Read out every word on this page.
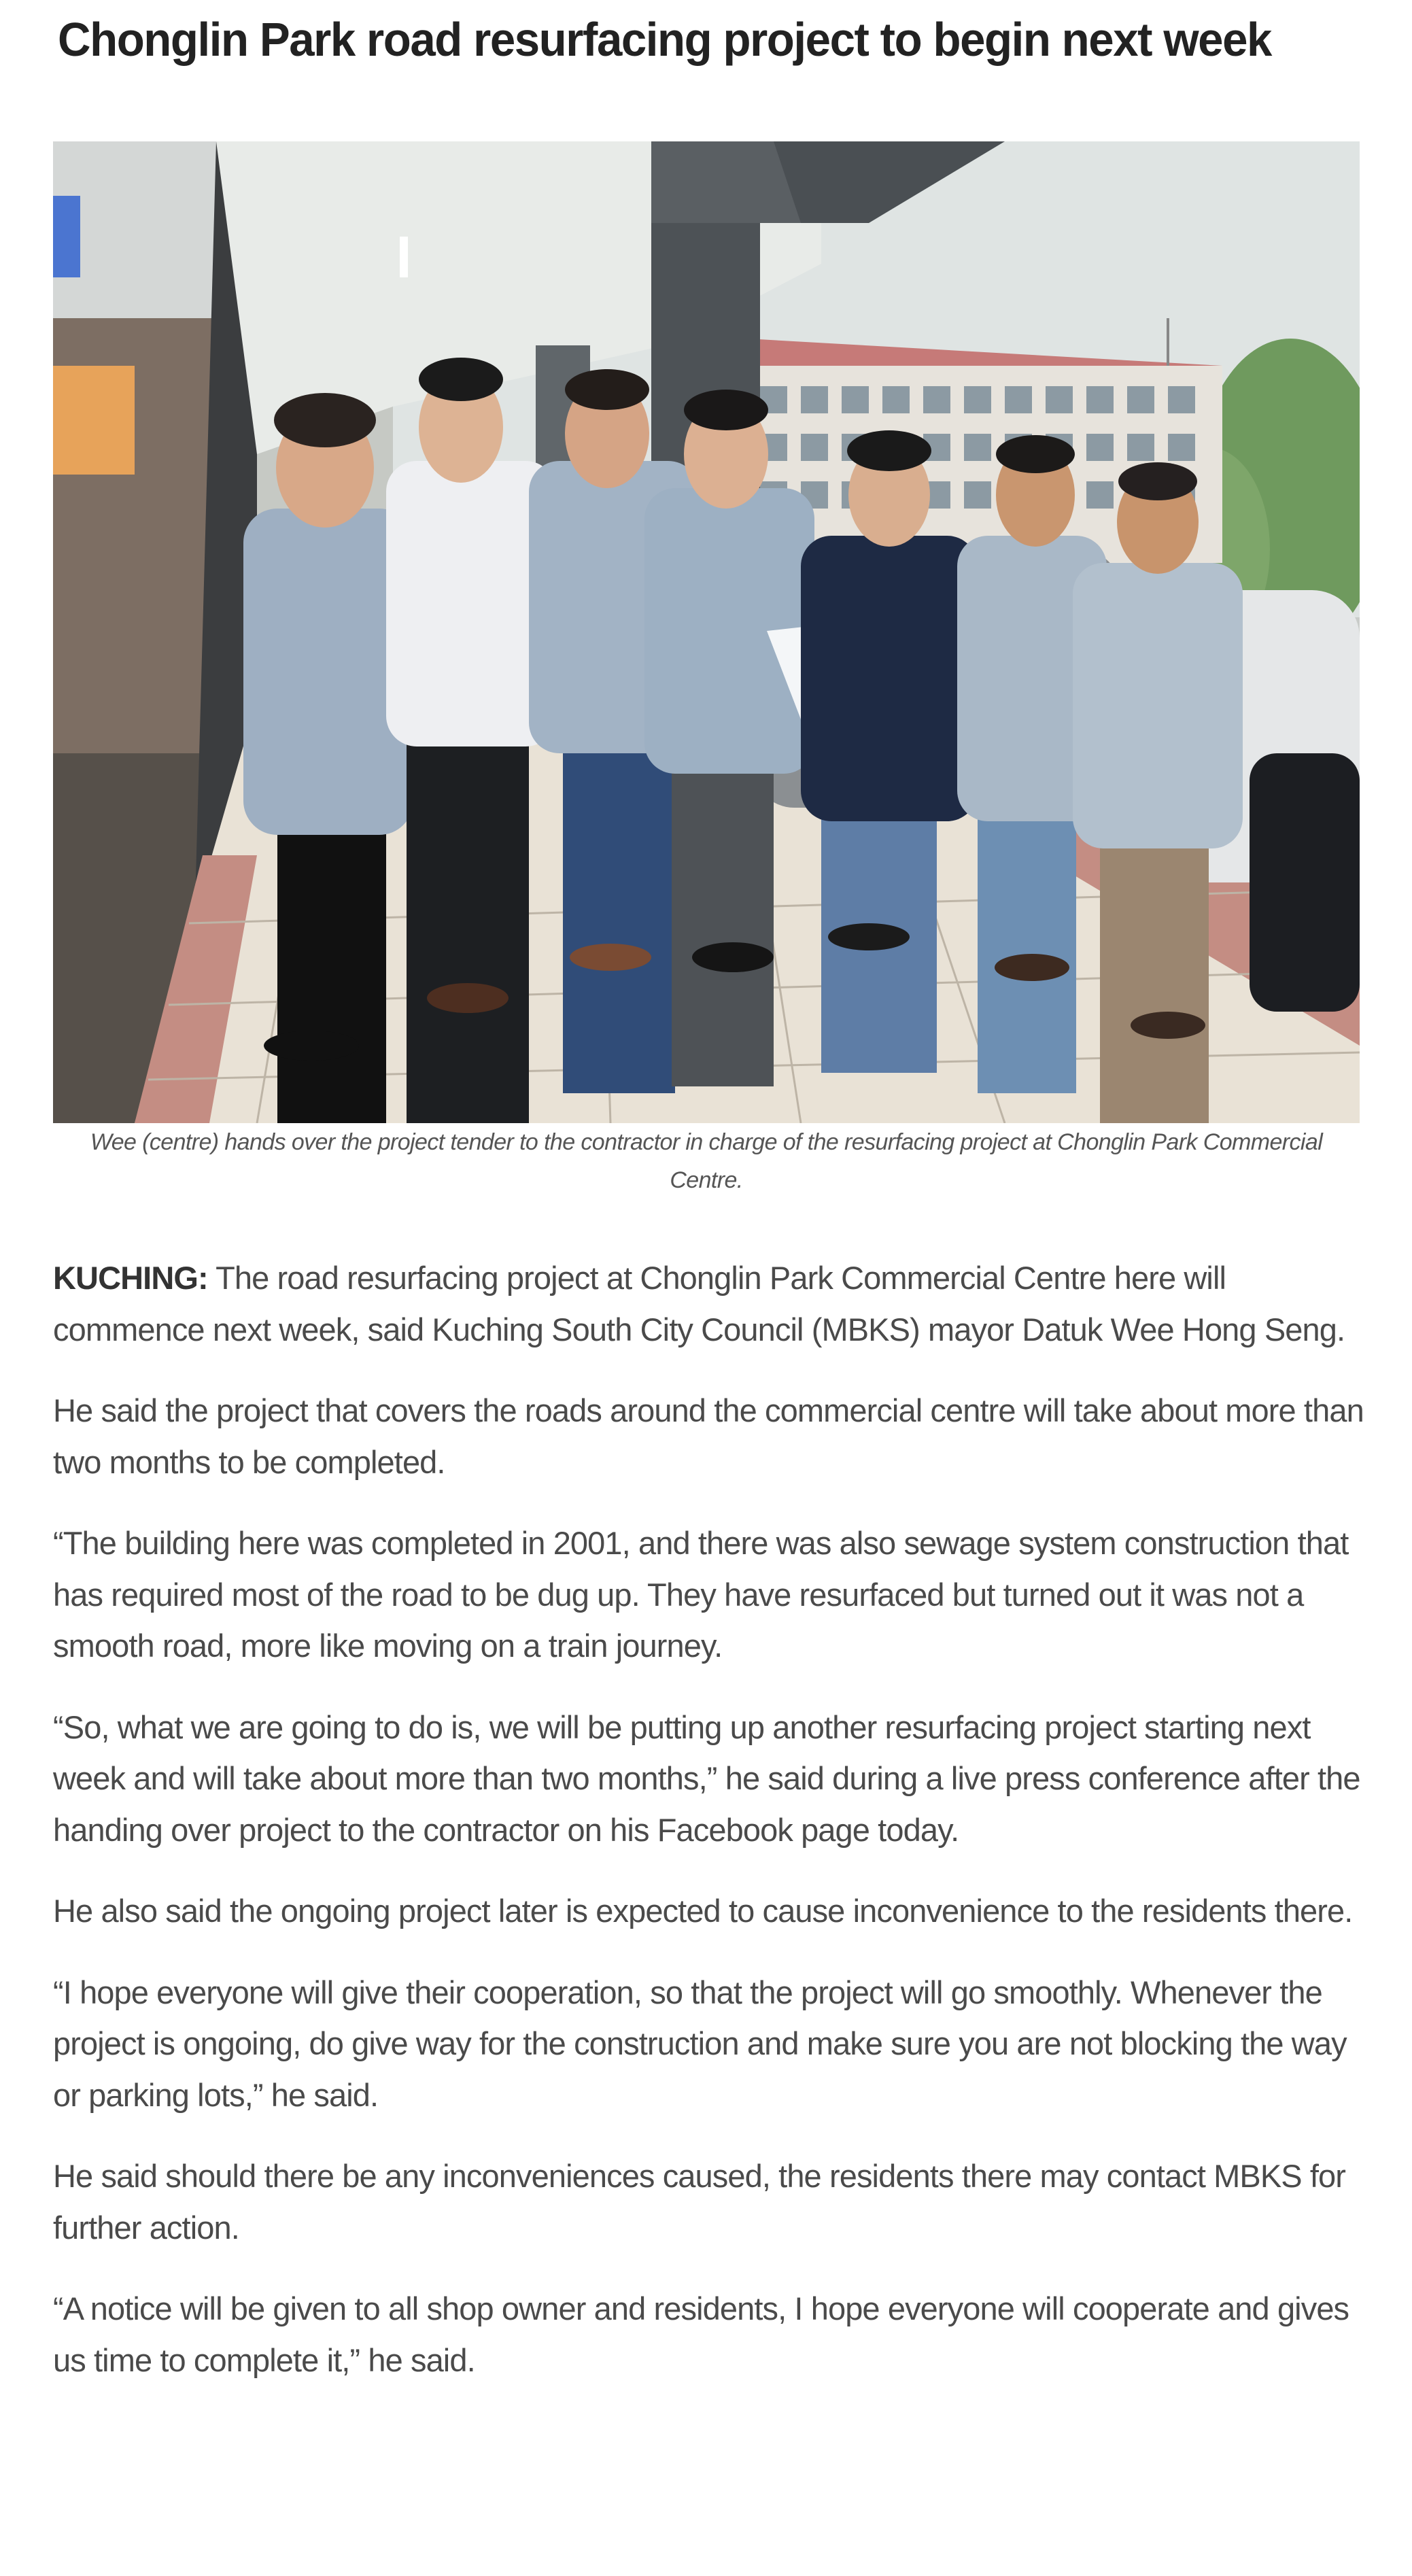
Chonglin Park road resurfacing project to begin next week
Wee (centre) hands over the project tender to the contractor in charge of the resurfacing project at Chonglin Park Commercial Centre.

KUCHING: The road resurfacing project at Chonglin Park Commercial Centre here will commence next week, said Kuching South City Council (MBKS) mayor Datuk Wee Hong Seng.

He said the project that covers the roads around the commercial centre will take about more than two months to be completed.

“The building here was completed in 2001, and there was also sewage system construction that has required most of the road to be dug up. They have resurfaced but turned out it was not a smooth road, more like moving on a train journey.

“So, what we are going to do is, we will be putting up another resurfacing project starting next week and will take about more than two months,” he said during a live press conference after the handing over project to the contractor on his Facebook page today.

He also said the ongoing project later is expected to cause inconvenience to the residents there.

“I hope everyone will give their cooperation, so that the project will go smoothly. Whenever the project is ongoing, do give way for the construction and make sure you are not blocking the way or parking lots,” he said.

He said should there be any inconveniences caused, the residents there may contact MBKS for further action.

“A notice will be given to all shop owner and residents, I hope everyone will cooperate and gives us time to complete it,” he said.
